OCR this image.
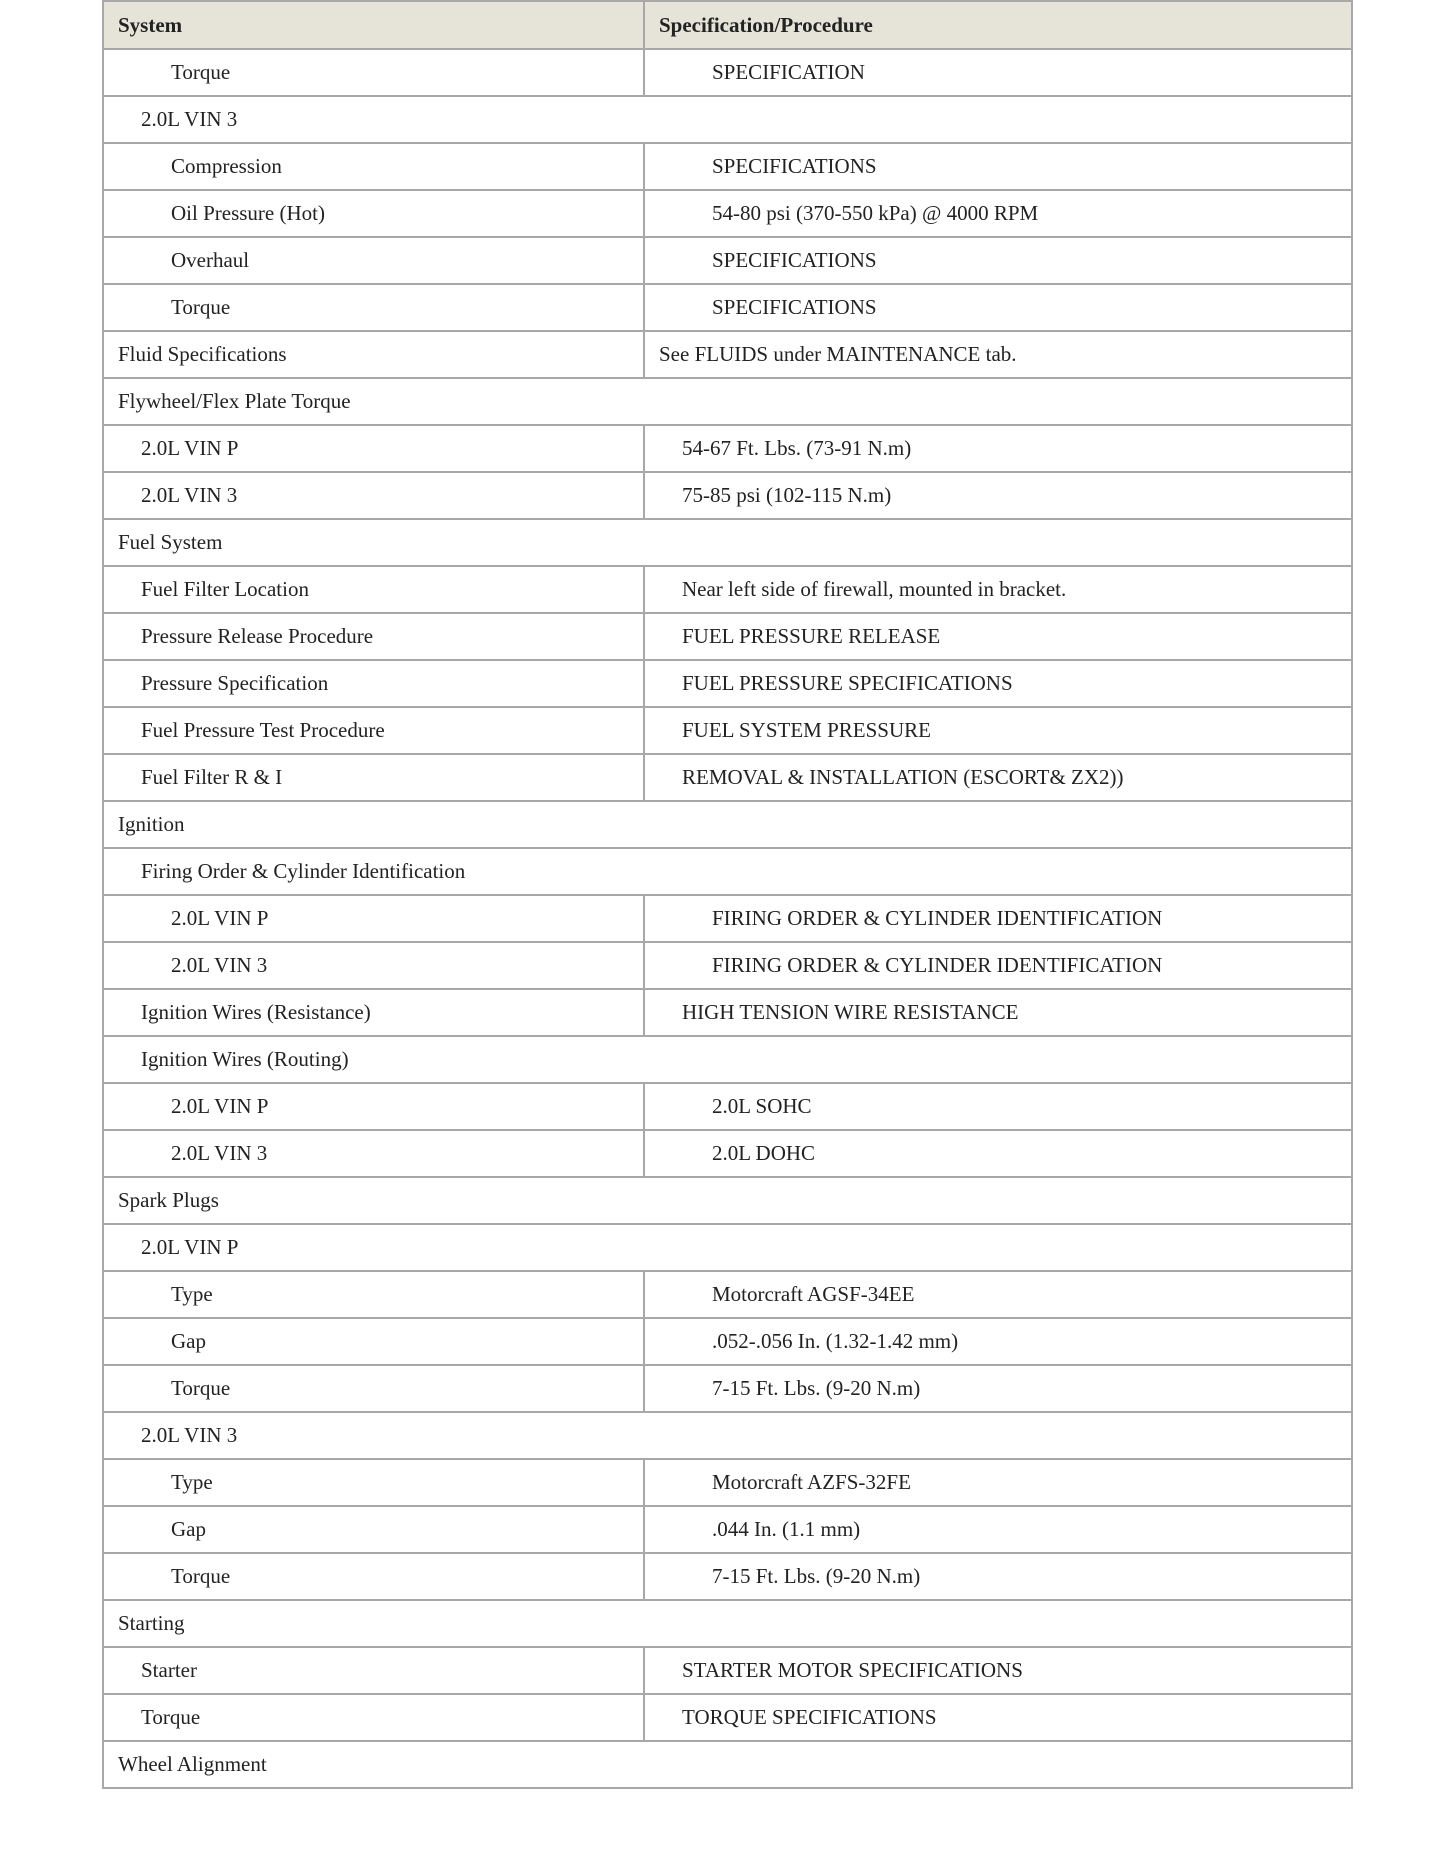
System	Specification/Procedure
Torque	SPECIFICATION
2.0L VIN 3	
Compression	SPECIFICATIONS
Oil Pressure (Hot)	54-80 psi (370-550 kPa) @ 4000 RPM
Overhaul	SPECIFICATIONS
Torque	SPECIFICATIONS
Fluid Specifications	See FLUIDS under MAINTENANCE tab.
Flywheel/Flex Plate Torque	
2.0L VIN P	54-67 Ft. Lbs. (73-91 N.m)
2.0L VIN 3	75-85 psi (102-115 N.m)
Fuel System	
Fuel Filter Location	Near left side of firewall, mounted in bracket.
Pressure Release Procedure	FUEL PRESSURE RELEASE
Pressure Specification	FUEL PRESSURE SPECIFICATIONS
Fuel Pressure Test Procedure	FUEL SYSTEM PRESSURE
Fuel Filter R & I	REMOVAL & INSTALLATION (ESCORT& ZX2))
Ignition	
Firing Order & Cylinder Identification	
2.0L VIN P	FIRING ORDER & CYLINDER IDENTIFICATION
2.0L VIN 3	FIRING ORDER & CYLINDER IDENTIFICATION
Ignition Wires (Resistance)	HIGH TENSION WIRE RESISTANCE
Ignition Wires (Routing)	
2.0L VIN P	2.0L SOHC
2.0L VIN 3	2.0L DOHC
Spark Plugs	
2.0L VIN P	
Type	Motorcraft AGSF-34EE
Gap	.052-.056 In. (1.32-1.42 mm)
Torque	7-15 Ft. Lbs. (9-20 N.m)
2.0L VIN 3	
Type	Motorcraft AZFS-32FE
Gap	.044 In. (1.1 mm)
Torque	7-15 Ft. Lbs. (9-20 N.m)
Starting	
Starter	STARTER MOTOR SPECIFICATIONS
Torque	TORQUE SPECIFICATIONS
Wheel Alignment	
